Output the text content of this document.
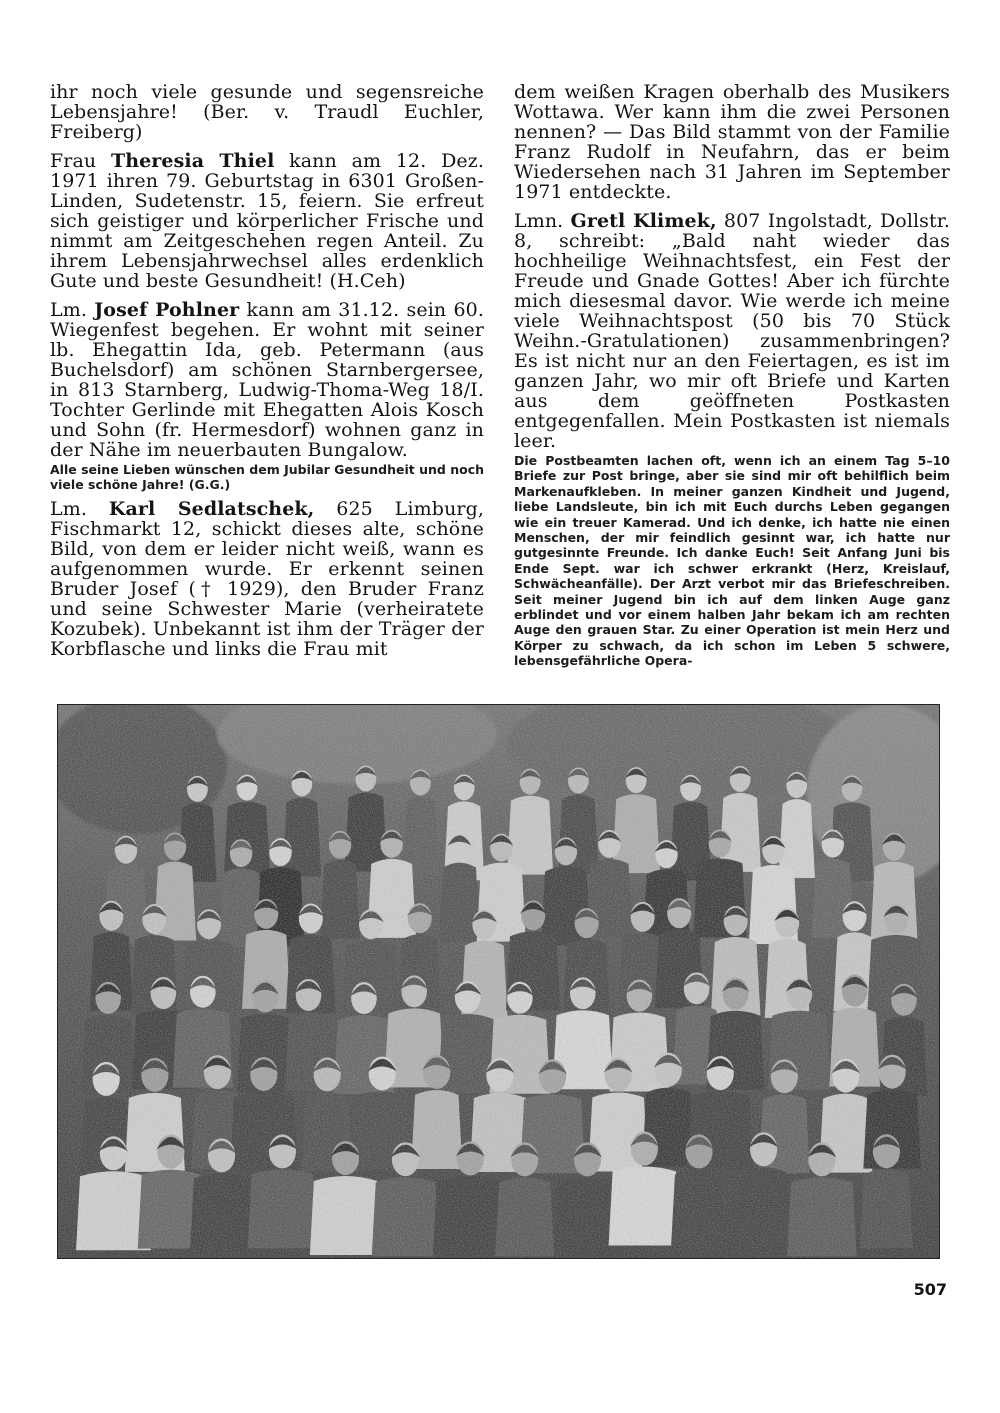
ihr noch viele gesunde und segensreiche Lebensjahre! (Ber. v. Traudl Euchler, Freiberg)

Frau Theresia Thiel kann am 12. Dez. 1971 ihren 79. Geburtstag in 6301 Großen-Linden, Sudetenstr. 15, feiern. Sie erfreut sich geistiger und körperlicher Frische und nimmt am Zeitgeschehen regen Anteil. Zu ihrem Lebensjahrwechsel alles erdenklich Gute und beste Gesundheit! (H.Ceh)

Lm. Josef Pohlner kann am 31.12. sein 60. Wiegenfest begehen. Er wohnt mit seiner lb. Ehegattin Ida, geb. Petermann (aus Buchelsdorf) am schönen Starnbergersee, in 813 Starnberg, Ludwig-Thoma-Weg 18/I. Tochter Gerlinde mit Ehegatten Alois Kosch und Sohn (fr. Hermesdorf) wohnen ganz in der Nähe im neuerbauten Bungalow.

Alle seine Lieben wünschen dem Jubilar Gesundheit und noch viele schöne Jahre! (G.G.)

Lm. Karl Sedlatschek, 625 Limburg, Fischmarkt 12, schickt dieses alte, schöne Bild, von dem er leider nicht weiß, wann es aufgenommen wurde. Er erkennt seinen Bruder Josef († 1929), den Bruder Franz und seine Schwester Marie (verheiratete Kozubek). Unbekannt ist ihm der Träger der Korbflasche und links die Frau mit

dem weißen Kragen oberhalb des Musikers Wottawa. Wer kann ihm die zwei Personen nennen? — Das Bild stammt von der Familie Franz Rudolf in Neufahrn, das er beim Wiedersehen nach 31 Jahren im September 1971 entdeckte.

Lmn. Gretl Klimek, 807 Ingolstadt, Dollstr. 8, schreibt: „Bald naht wieder das hochheilige Weihnachtsfest, ein Fest der Freude und Gnade Gottes! Aber ich fürchte mich diesesmal davor. Wie werde ich meine viele Weihnachtspost (50 bis 70 Stück Weihn.-Gratulationen) zusammenbringen? Es ist nicht nur an den Feiertagen, es ist im ganzen Jahr, wo mir oft Briefe und Karten aus dem geöffneten Postkasten entgegenfallen. Mein Postkasten ist niemals leer.

Die Postbeamten lachen oft, wenn ich an einem Tag 5–10 Briefe zur Post bringe, aber sie sind mir oft behilflich beim Markenaufkleben. In meiner ganzen Kindheit und Jugend, liebe Landsleute, bin ich mit Euch durchs Leben gegangen wie ein treuer Kamerad. Und ich denke, ich hatte nie einen Menschen, der mir feindlich gesinnt war, ich hatte nur gutgesinnte Freunde. Ich danke Euch! Seit Anfang Juni bis Ende Sept. war ich schwer erkrankt (Herz, Kreislauf, Schwächeanfälle). Der Arzt verbot mir das Briefeschreiben. Seit meiner Jugend bin ich auf dem linken Auge ganz erblindet und vor einem halben Jahr bekam ich am rechten Auge den grauen Star. Zu einer Operation ist mein Herz und Körper zu schwach, da ich schon im Leben 5 schwere, lebensgefährliche Opera-

507
